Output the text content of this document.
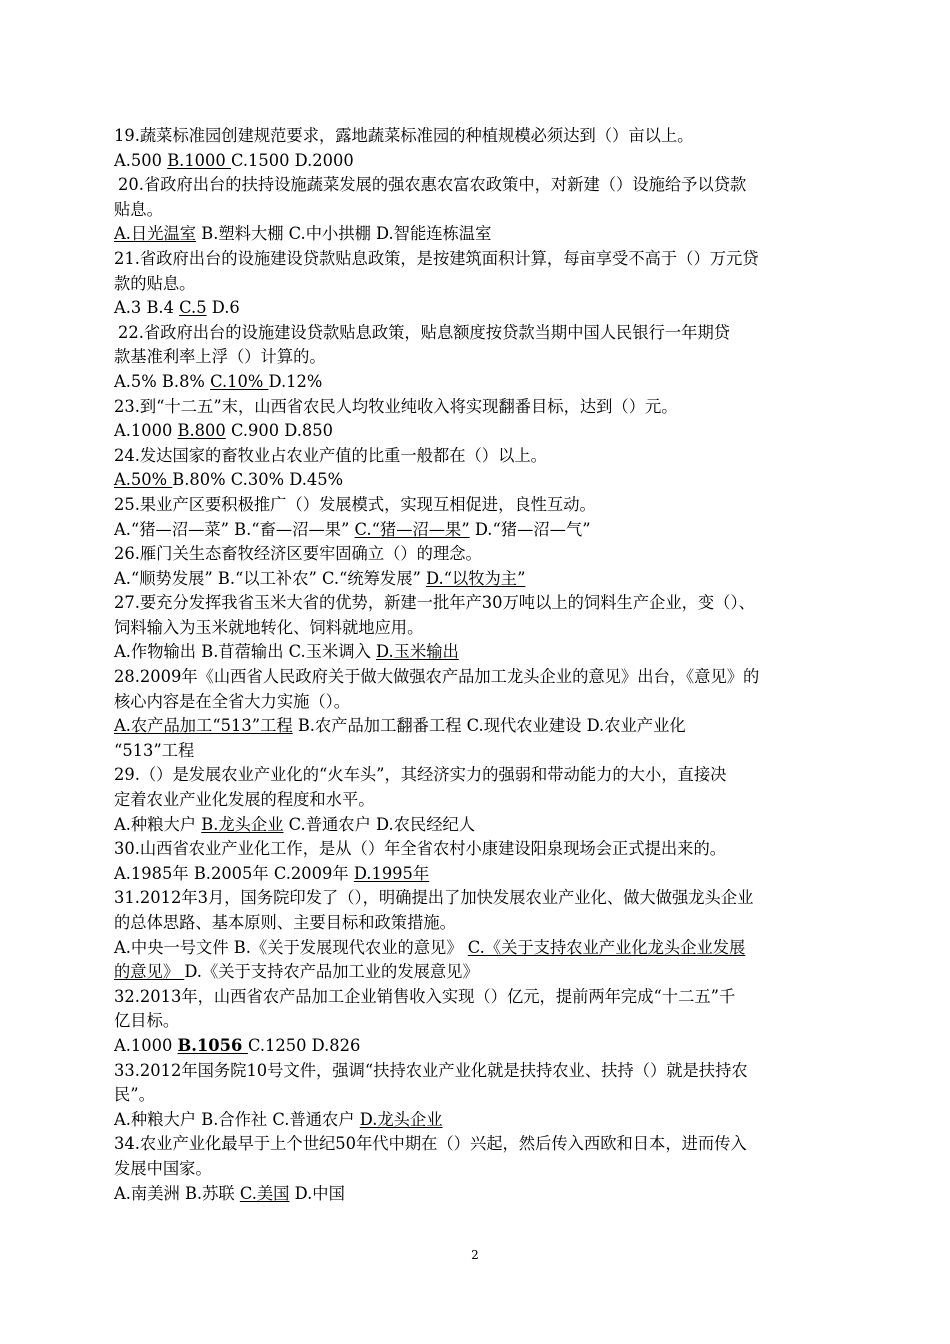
19.蔬菜标准园创建规范要求，露地蔬菜标准园的种植规模必须达到（）亩以上。
A.500 B.1000 C.1500 D.2000
20.省政府出台的扶持设施蔬菜发展的强农惠农富农政策中，对新建（）设施给予以贷款
贴息。
A.日光温室 B.塑料大棚 C.中小拱棚 D.智能连栋温室
21.省政府出台的设施建设贷款贴息政策，是按建筑面积计算，每亩享受不高于（）万元贷
款的贴息。
A.3 B.4 C.5 D.6
22.省政府出台的设施建设贷款贴息政策，贴息额度按贷款当期中国人民银行一年期贷
款基准利率上浮（）计算的。
A.5% B.8% C.10% D.12%
23.到“十二五”末，山西省农民人均牧业纯收入将实现翻番目标，达到（）元。
A.1000 B.800 C.900 D.850
24.发达国家的畜牧业占农业产值的比重一般都在（）以上。
A.50% B.80% C.30% D.45%
25.果业产区要积极推广（）发展模式，实现互相促进，良性互动。
A.“猪—沼—菜” B.“畜—沼—果” C.“猪—沼—果” D.“猪—沼—气”
26.雁门关生态畜牧经济区要牢固确立（）的理念。
A.“顺势发展” B.“以工补农” C.“统筹发展” D.“以牧为主”
27.要充分发挥我省玉米大省的优势，新建一批年产30万吨以上的饲料生产企业，变（）、
饲料输入为玉米就地转化、饲料就地应用。
A.作物输出 B.苜蓿输出 C.玉米调入 D.玉米输出
28.2009年《山西省人民政府关于做大做强农产品加工龙头企业的意见》出台，《意见》的
核心内容是在全省大力实施（）。
A.农产品加工“513”工程 B.农产品加工翻番工程 C.现代农业建设 D.农业产业化
“513”工程
29.（）是发展农业产业化的“火车头”，其经济实力的强弱和带动能力的大小，直接决
定着农业产业化发展的程度和水平。
A.种粮大户 B.龙头企业 C.普通农户 D.农民经纪人
30.山西省农业产业化工作，是从（）年全省农村小康建设阳泉现场会正式提出来的。
A.1985年 B.2005年 C.2009年 D.1995年
31.2012年3月，国务院印发了（），明确提出了加快发展农业产业化、做大做强龙头企业
的总体思路、基本原则、主要目标和政策措施。
A.中央一号文件 B.《关于发展现代农业的意见》 C.《关于支持农业产业化龙头企业发展
的意见》 D.《关于支持农产品加工业的发展意见》
32.2013年，山西省农产品加工企业销售收入实现（）亿元，提前两年完成“十二五”千
亿目标。
A.1000 B.1056 C.1250 D.826
33.2012年国务院10号文件，强调“扶持农业产业化就是扶持农业、扶持（）就是扶持农
民”。
A.种粮大户 B.合作社 C.普通农户 D.龙头企业
34.农业产业化最早于上个世纪50年代中期在（）兴起，然后传入西欧和日本，进而传入
发展中国家。
A.南美洲 B.苏联 C.美国 D.中国
2
